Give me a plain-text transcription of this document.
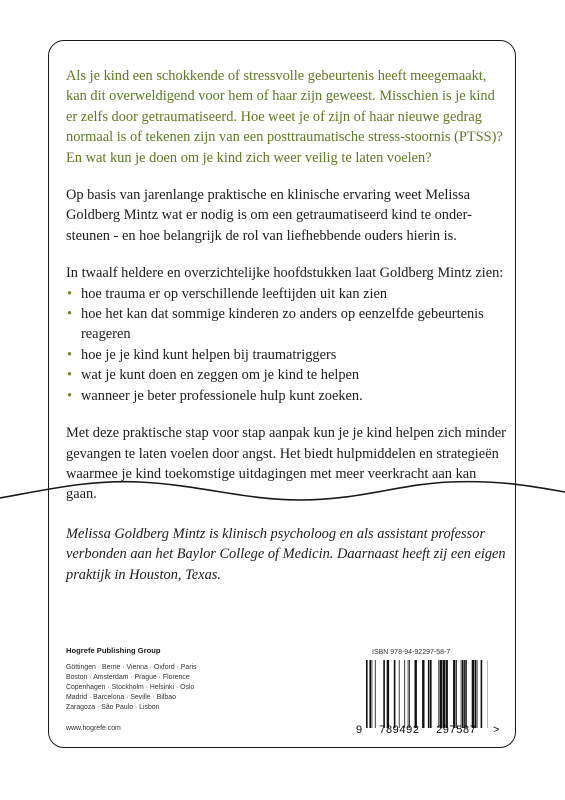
Als je kind een schokkende of stressvolle gebeurtenis heeft meegemaakt, kan dit overweldigend voor hem of haar zijn geweest. Misschien is je kind er zelfs door getraumatiseerd. Hoe weet je of zijn of haar nieuwe gedrag normaal is of tekenen zijn van een posttraumatische stress-stoornis (PTSS)? En wat kun je doen om je kind zich weer veilig te laten voelen?

Op basis van jarenlange praktische en klinische ervaring weet Melissa Goldberg Mintz wat er nodig is om een getraumatiseerd kind te onder-steunen - en hoe belangrijk de rol van liefhebbende ouders hierin is.

In twaalf heldere en overzichtelijke hoofdstukken laat Goldberg Mintz zien:

• hoe trauma er op verschillende leeftijden uit kan zien
• hoe het kan dat sommige kinderen zo anders op eenzelfde gebeurtenis reageren
• hoe je je kind kunt helpen bij traumatriggers
• wat je kunt doen en zeggen om je kind te helpen
• wanneer je beter professionele hulp kunt zoeken.

Met deze praktische stap voor stap aanpak kun je je kind helpen zich minder gevangen te laten voelen door angst. Het biedt hulpmiddelen en strategieën waarmee je kind toekomstige uitdagingen met meer veerkracht aan kan gaan.

Melissa Goldberg Mintz is klinisch psycholoog en als assistant professor verbonden aan het Baylor College of Medicin. Daarnaast heeft zij een eigen praktijk in Houston, Texas.

Hogrefe Publishing Group

Göttingen · Berne · Vienna · Oxford · Paris
Boston · Amsterdam · Prague · Florence
Copenhagen · Stockholm · Helsinki · Oslo
Madrid · Barcelona · Seville · Bilbao
Zaragoza · São Paulo · Lisbon

www.hogrefe.com

ISBN 978-94-92297-58-7
9 789492 297587 >
